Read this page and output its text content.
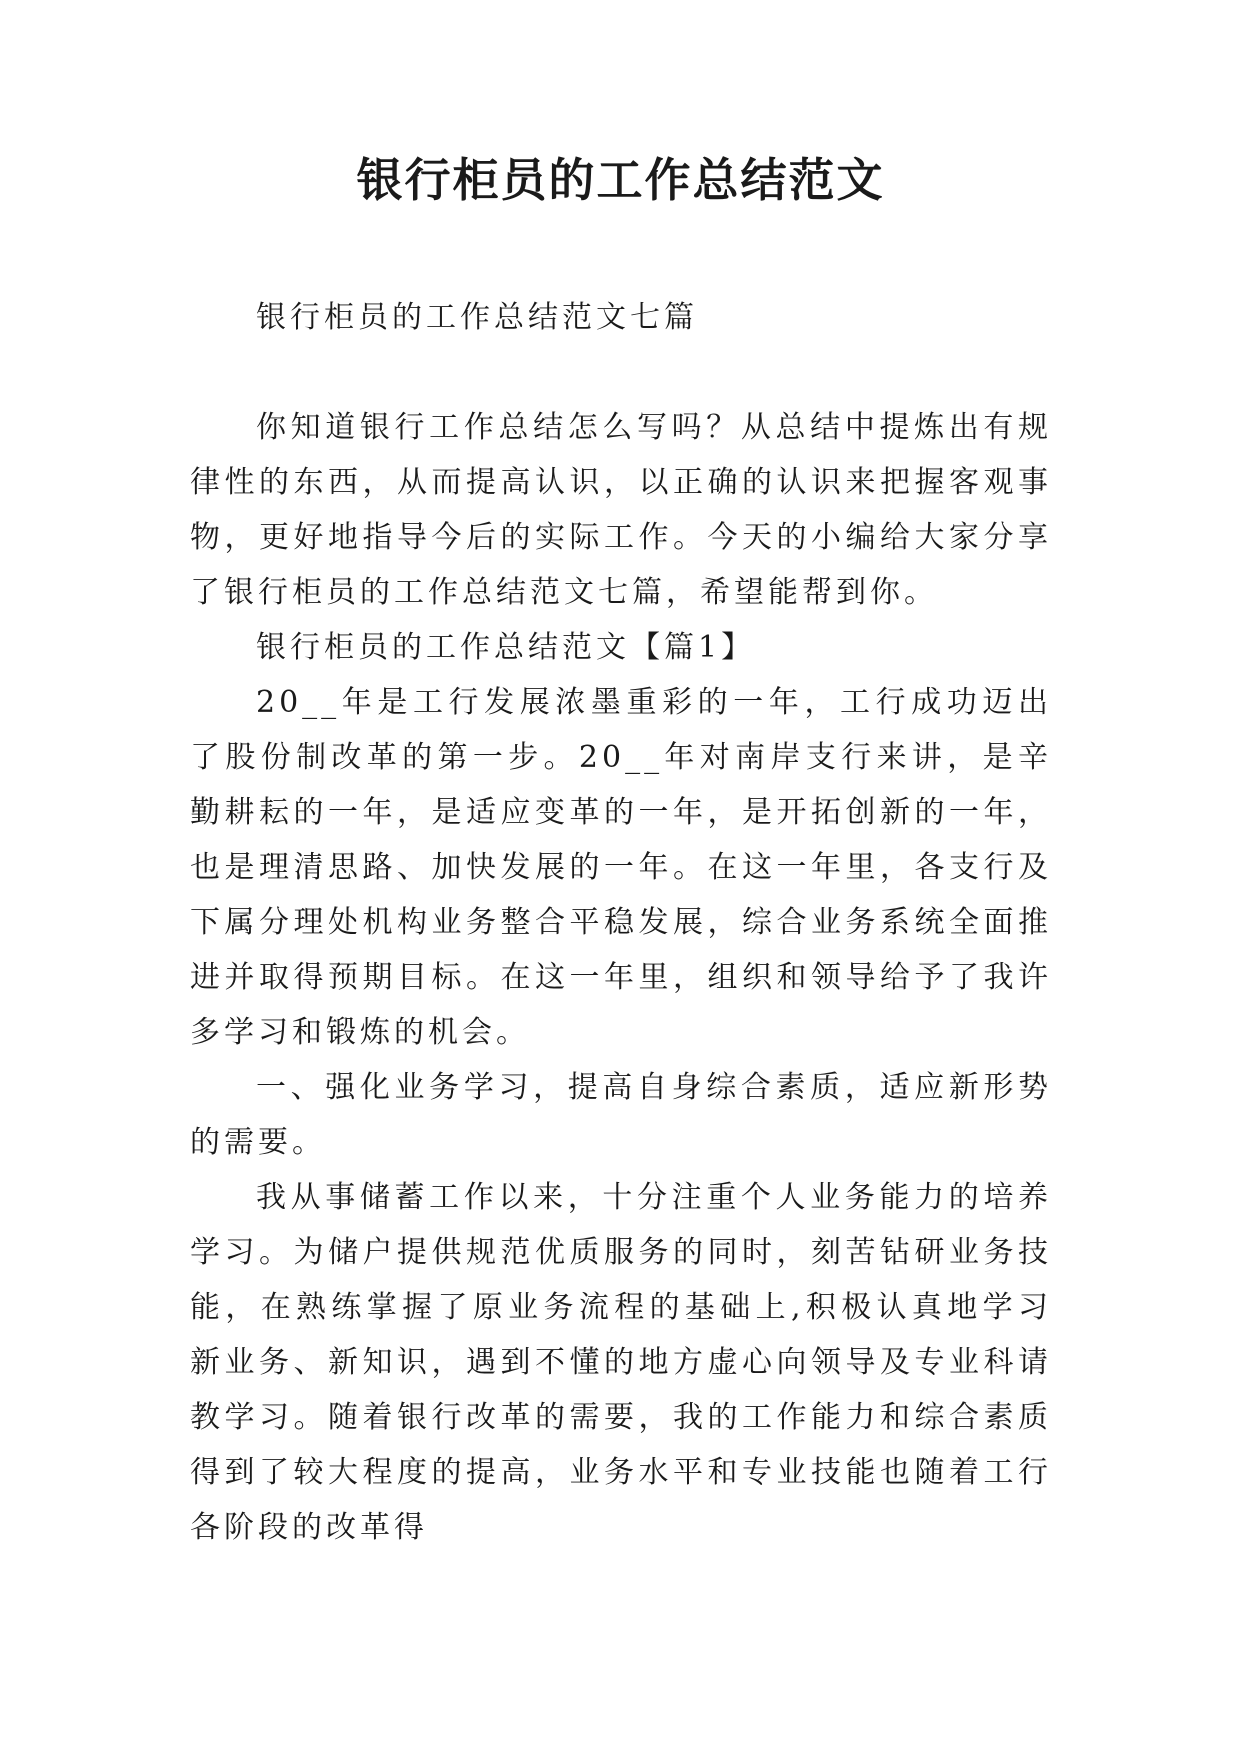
银行柜员的工作总结范文

银行柜员的工作总结范文七篇

你知道银行工作总结怎么写吗？从总结中提炼出有规律性的东西，从而提高认识，以正确的认识来把握客观事物，更好地指导今后的实际工作。今天的小编给大家分享了银行柜员的工作总结范文七篇，希望能帮到你。

银行柜员的工作总结范文【篇1】

20__年是工行发展浓墨重彩的一年，工行成功迈出了股份制改革的第一步。20__年对南岸支行来讲，是辛勤耕耘的一年，是适应变革的一年，是开拓创新的一年，也是理清思路、加快发展的一年。在这一年里，各支行及下属分理处机构业务整合平稳发展，综合业务系统全面推进并取得预期目标。在这一年里，组织和领导给予了我许多学习和锻炼的机会。

一、强化业务学习，提高自身综合素质，适应新形势的需要。

我从事储蓄工作以来，十分注重个人业务能力的培养学习。为储户提供规范优质服务的同时，刻苦钻研业务技能，在熟练掌握了原业务流程的基础上,积极认真地学习新业务、新知识，遇到不懂的地方虚心向领导及专业科请教学习。随着银行改革的需要，我的工作能力和综合素质得到了较大程度的提高，业务水平和专业技能也随着工行各阶段的改革得
